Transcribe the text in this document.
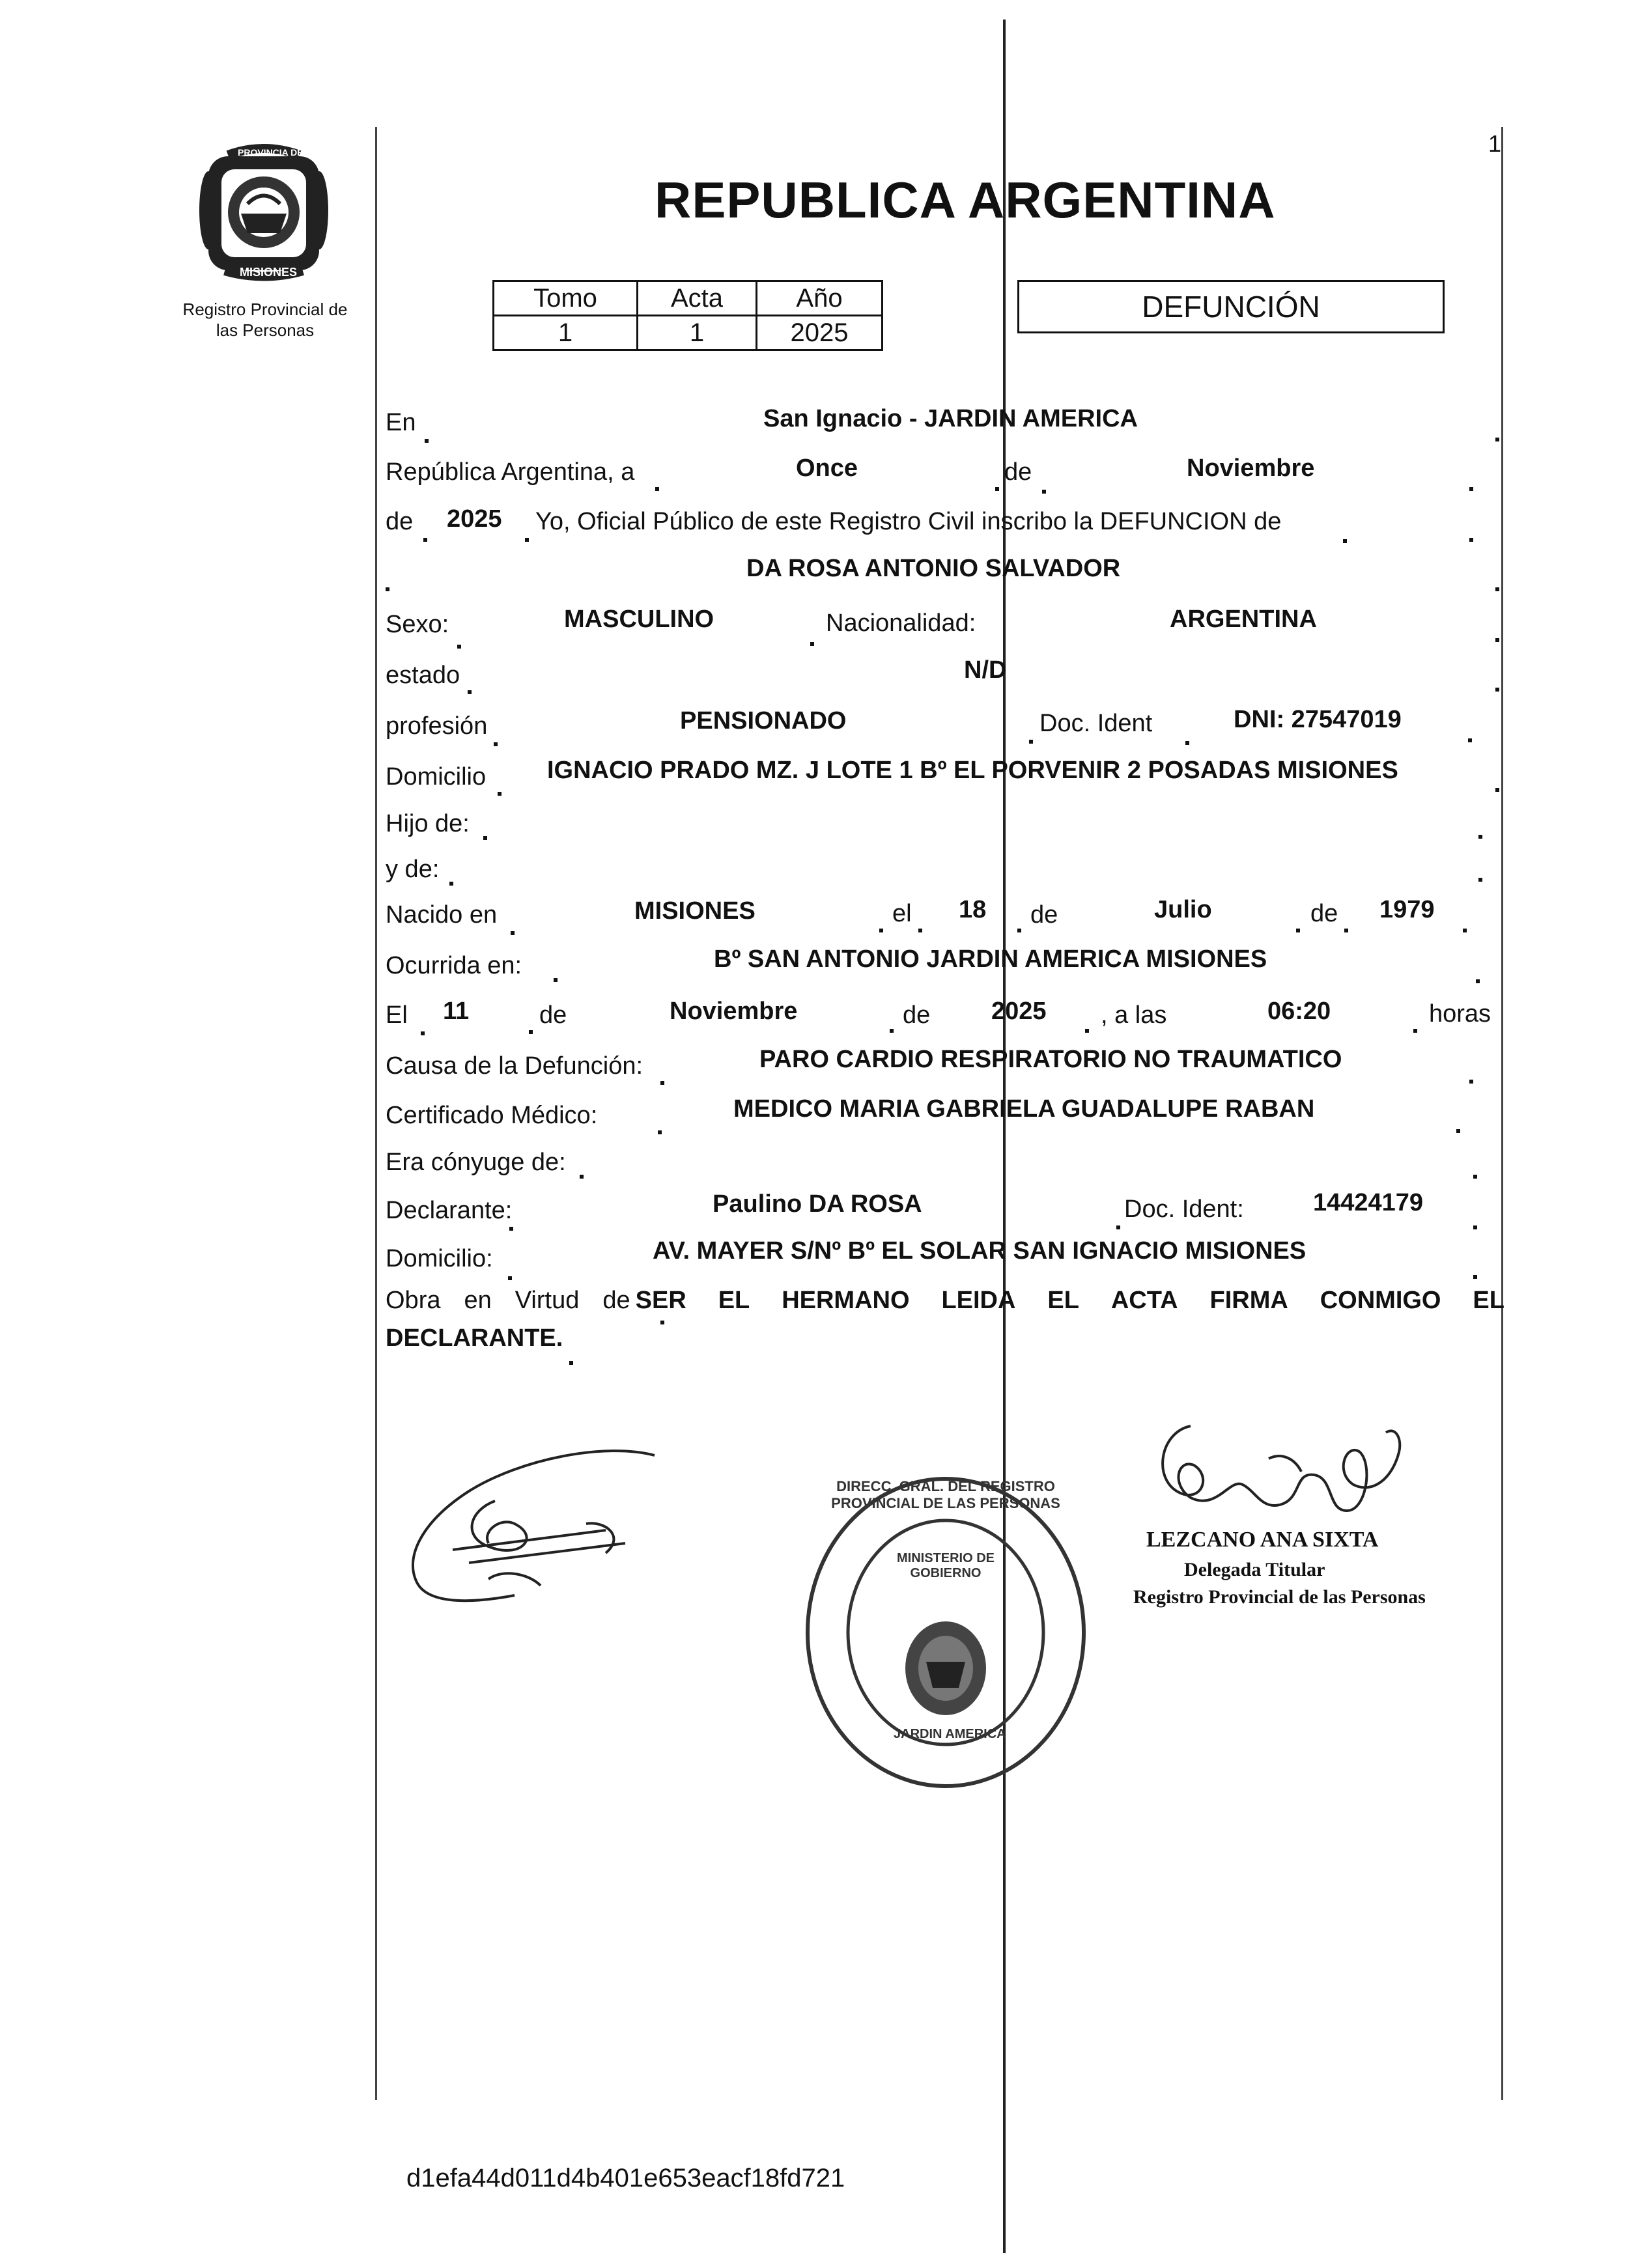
1
PROVINCIA DE
MISIONES
Registro Provincial de
las Personas
REPUBLICA ARGENTINA
Tomo	Acta	Año
1	1	2025
DEFUNCIÓN
En	San Ignacio - JARDIN AMERICA
República Argentina, a	Once	de	Noviembre
de 2025 Yo, Oficial Público de este Registro Civil inscribo la DEFUNCION de
DA ROSA ANTONIO SALVADOR
Sexo:	MASCULINO	Nacionalidad:	ARGENTINA
estado	N/D
profesión	PENSIONADO	Doc. Ident	DNI: 27547019
Domicilio IGNACIO PRADO MZ. J LOTE 1 Bº EL PORVENIR 2 POSADAS MISIONES
Hijo de:
y de:
Nacido en	MISIONES	el 18 de	Julio	de 1979
Ocurrida en:	Bº SAN ANTONIO JARDIN AMERICA MISIONES
El 11	de	Noviembre	de 2025 , a las	06:20	horas
Causa de la Defunción:	PARO CARDIO RESPIRATORIO NO TRAUMATICO
Certificado Médico:	MEDICO MARIA GABRIELA GUADALUPE RABAN
Era cónyuge de:
Declarante:	Paulino DA ROSA	Doc. Ident:	14424179
Domicilio:	AV. MAYER S/Nº Bº EL SOLAR SAN IGNACIO MISIONES
Obra en Virtud de SER EL HERMANO LEIDA EL ACTA FIRMA CONMIGO EL
DECLARANTE.
DIRECC. GRAL. DEL REGISTRO PROVINCIAL DE LAS PERSONAS
MINISTERIO DE GOBIERNO
JARDIN AMERICA
LEZCANO ANA SIXTA
Delegada Titular
Registro Provincial de las Personas
d1efa44d011d4b401e653eacf18fd721
